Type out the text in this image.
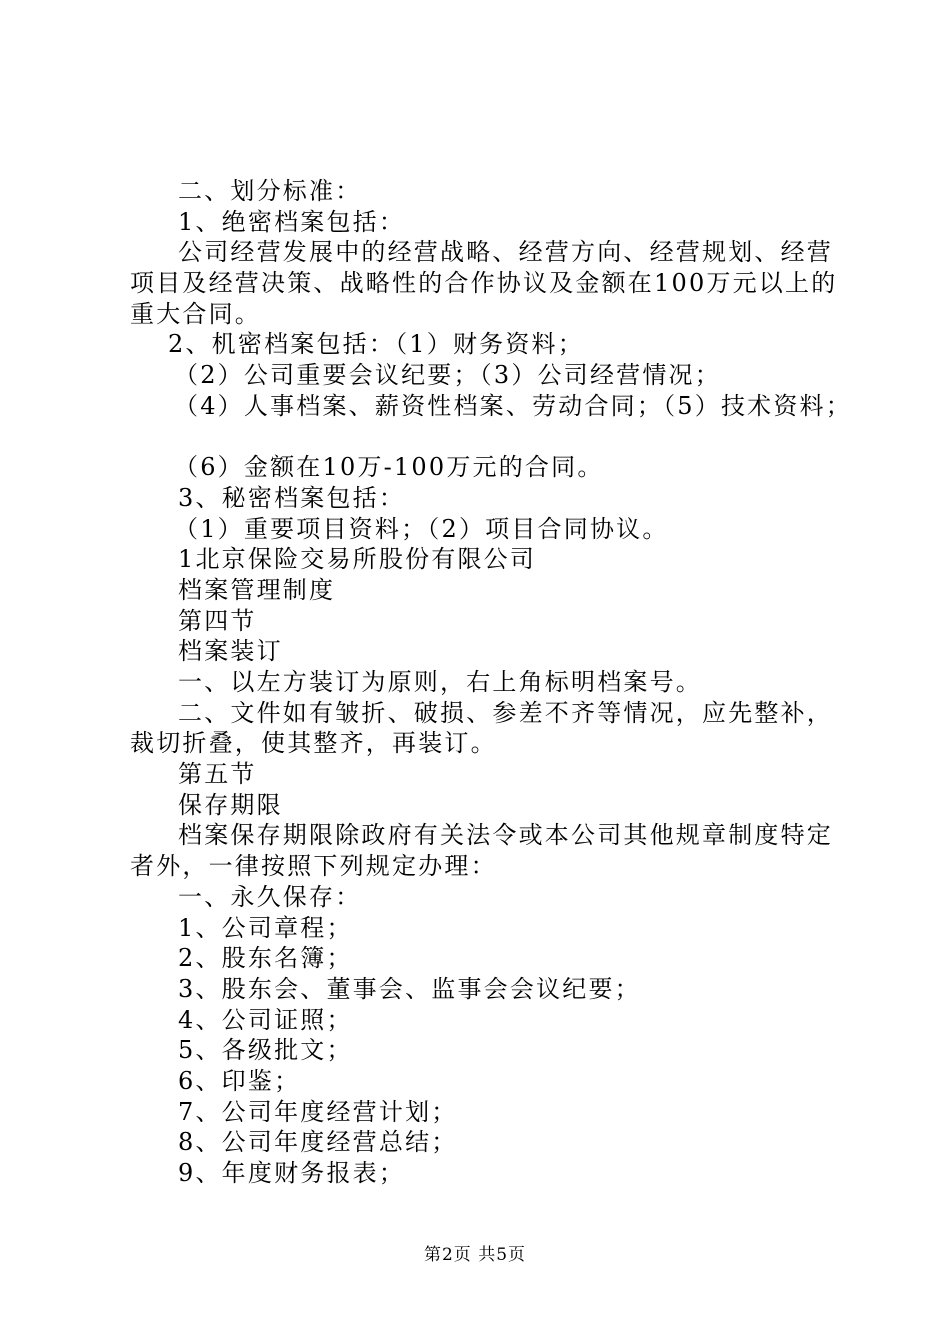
二、划分标准：
1、绝密档案包括：
公司经营发展中的经营战略、经营方向、经营规划、经营
项目及经营决策、战略性的合作协议及金额在100万元以上的
重大合同。
2、机密档案包括：（1）财务资料；
（2）公司重要会议纪要；（3）公司经营情况；
（4）人事档案、薪资性档案、劳动合同；（5）技术资料；
（6）金额在10万-100万元的合同。
3、秘密档案包括：
（1）重要项目资料；（2）项目合同协议。
1北京保险交易所股份有限公司
档案管理制度
第四节
档案装订
一、以左方装订为原则，右上角标明档案号。
二、文件如有皱折、破损、参差不齐等情况，应先整补，
裁切折叠，使其整齐，再装订。
第五节
保存期限
档案保存期限除政府有关法令或本公司其他规章制度特定
者外，一律按照下列规定办理：
一、永久保存：
1、公司章程；
2、股东名簿；
3、股东会、董事会、监事会会议纪要；
4、公司证照；
5、各级批文；
6、印鉴；
7、公司年度经营计划；
8、公司年度经营总结；
9、年度财务报表；
第2页 共5页
